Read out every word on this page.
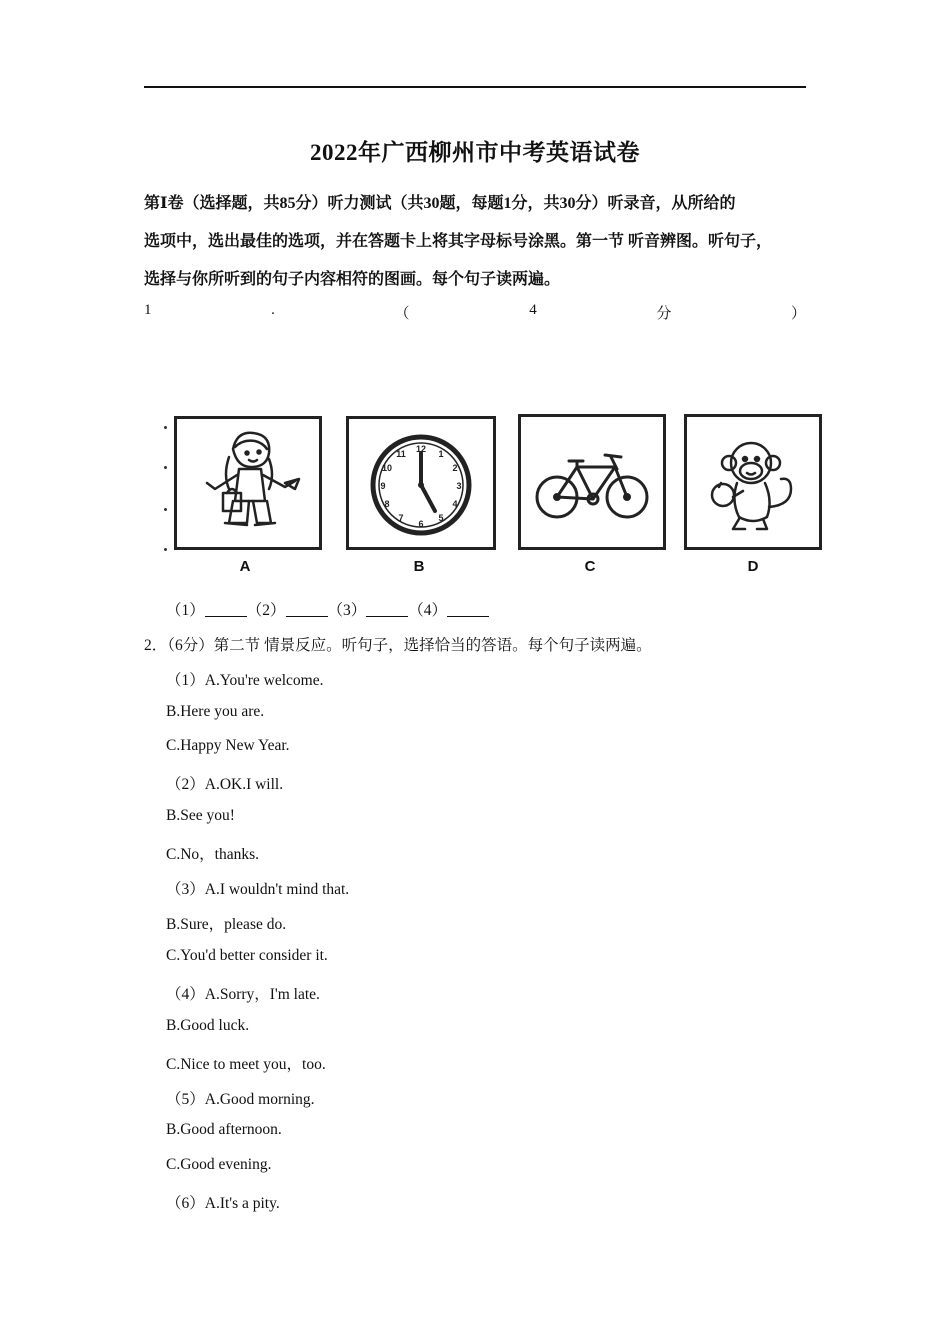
2022年广西柳州市中考英语试卷
第Ⅰ卷（选择题，共85分）听力测试（共30题，每题1分，共30分）听录音，从所给的
选项中，选出最佳的选项，并在答题卡上将其字母标号涂黑。第一节 听音辨图。听句子，
选择与你所听到的句子内容相符的图画。每个句子读两遍。
1	.	（	4	分	）
A
12 1
2
3
4
5
6
7
8
9
10
11
B	C	D
（1）	（2）	（3）	（4）
2．（6分）第二节 情景反应。听句子，选择恰当的答语。每个句子读两遍。
（1）A.You're welcome.
B.Here you are.
C.Happy New Year.
（2）A.OK.I will.
B.See you!
C.No，thanks.
（3）A.I wouldn't mind that.
B.Sure，please do.
C.You'd better consider it.
（4）A.Sorry，I'm late.
B.Good luck.
C.Nice to meet you，too.
（5）A.Good morning.
B.Good afternoon.
C.Good evening.
（6）A.It's a pity.
